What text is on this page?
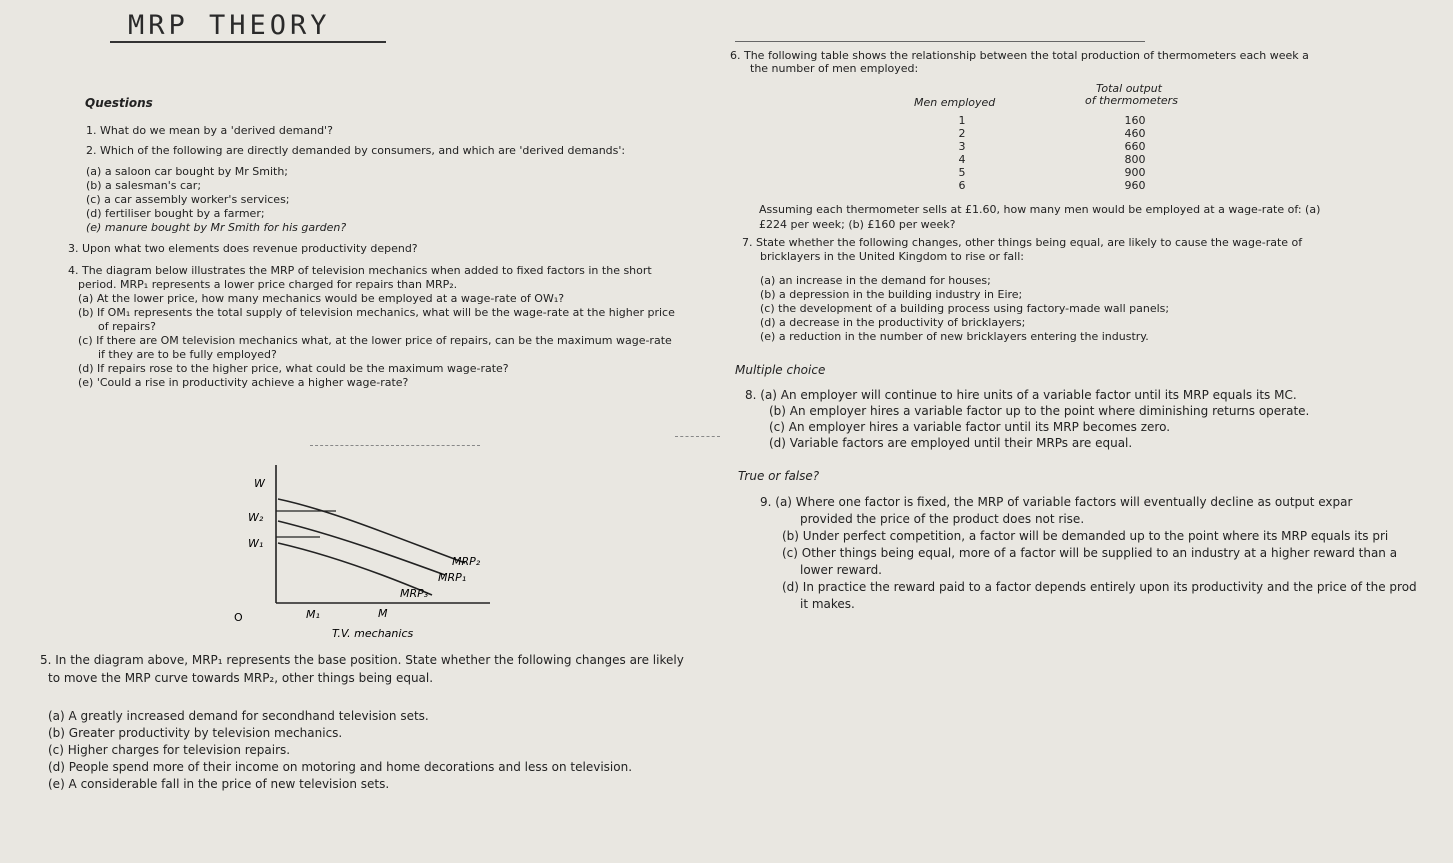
MRP THEORY
Questions
1. What do we mean by a 'derived demand'?
2. Which of the following are directly demanded by consumers, and which are 'derived demands':
(a) a saloon car bought by Mr Smith;
(b) a salesman's car;
(c) a car assembly worker's services;
(d) fertiliser bought by a farmer;
(e) manure bought by Mr Smith for his garden?
3. Upon what two elements does revenue productivity depend?
4. The diagram below illustrates the MRP of television mechanics when added to fixed factors in the short
period. MRP₁ represents a lower price charged for repairs than MRP₂.
(a) At the lower price, how many mechanics would be employed at a wage-rate of OW₁?
(b) If OM₁ represents the total supply of television mechanics, what will be the wage-rate at the higher price
of repairs?
(c) If there are OM television mechanics what, at the lower price of repairs, can be the maximum wage-rate
if they are to be fully employed?
(d) If repairs rose to the higher price, what could be the maximum wage-rate?
(e) 'Could a rise in productivity achieve a higher wage-rate?
W
W₂
W₁
MRP₂
MRP₁
MRP₃
O	M₁	M
T.V. mechanics
5. In the diagram above, MRP₁ represents the base position. State whether the following changes are likely
to move the MRP curve towards MRP₂, other things being equal.
(a) A greatly increased demand for secondhand television sets.
(b) Greater productivity by television mechanics.
(c) Higher charges for television repairs.
(d) People spend more of their income on motoring and home decorations and less on television.
(e) A considerable fall in the price of new television sets.
6. The following table shows the relationship between the total production of thermometers each week a
the number of men employed:
Men employed
Total output
of thermometers
1
2
3
4
5
6
160
460
660
800
900
960
Assuming each thermometer sells at £1.60, how many men would be employed at a wage-rate of: (a)
£224 per week; (b) £160 per week?
7. State whether the following changes, other things being equal, are likely to cause the wage-rate of
bricklayers in the United Kingdom to rise or fall:
(a) an increase in the demand for houses;
(b) a depression in the building industry in Eire;
(c) the development of a building process using factory-made wall panels;
(d) a decrease in the productivity of bricklayers;
(e) a reduction in the number of new bricklayers entering the industry.
Multiple choice
8. (a) An employer will continue to hire units of a variable factor until its MRP equals its MC.
(b) An employer hires a variable factor up to the point where diminishing returns operate.
(c) An employer hires a variable factor until its MRP becomes zero.
(d) Variable factors are employed until their MRPs are equal.
True or false?
9. (a) Where one factor is fixed, the MRP of variable factors will eventually decline as output expar
provided the price of the product does not rise.
(b) Under perfect competition, a factor will be demanded up to the point where its MRP equals its pri
(c) Other things being equal, more of a factor will be supplied to an industry at a higher reward than a
lower reward.
(d) In practice the reward paid to a factor depends entirely upon its productivity and the price of the prod
it makes.
